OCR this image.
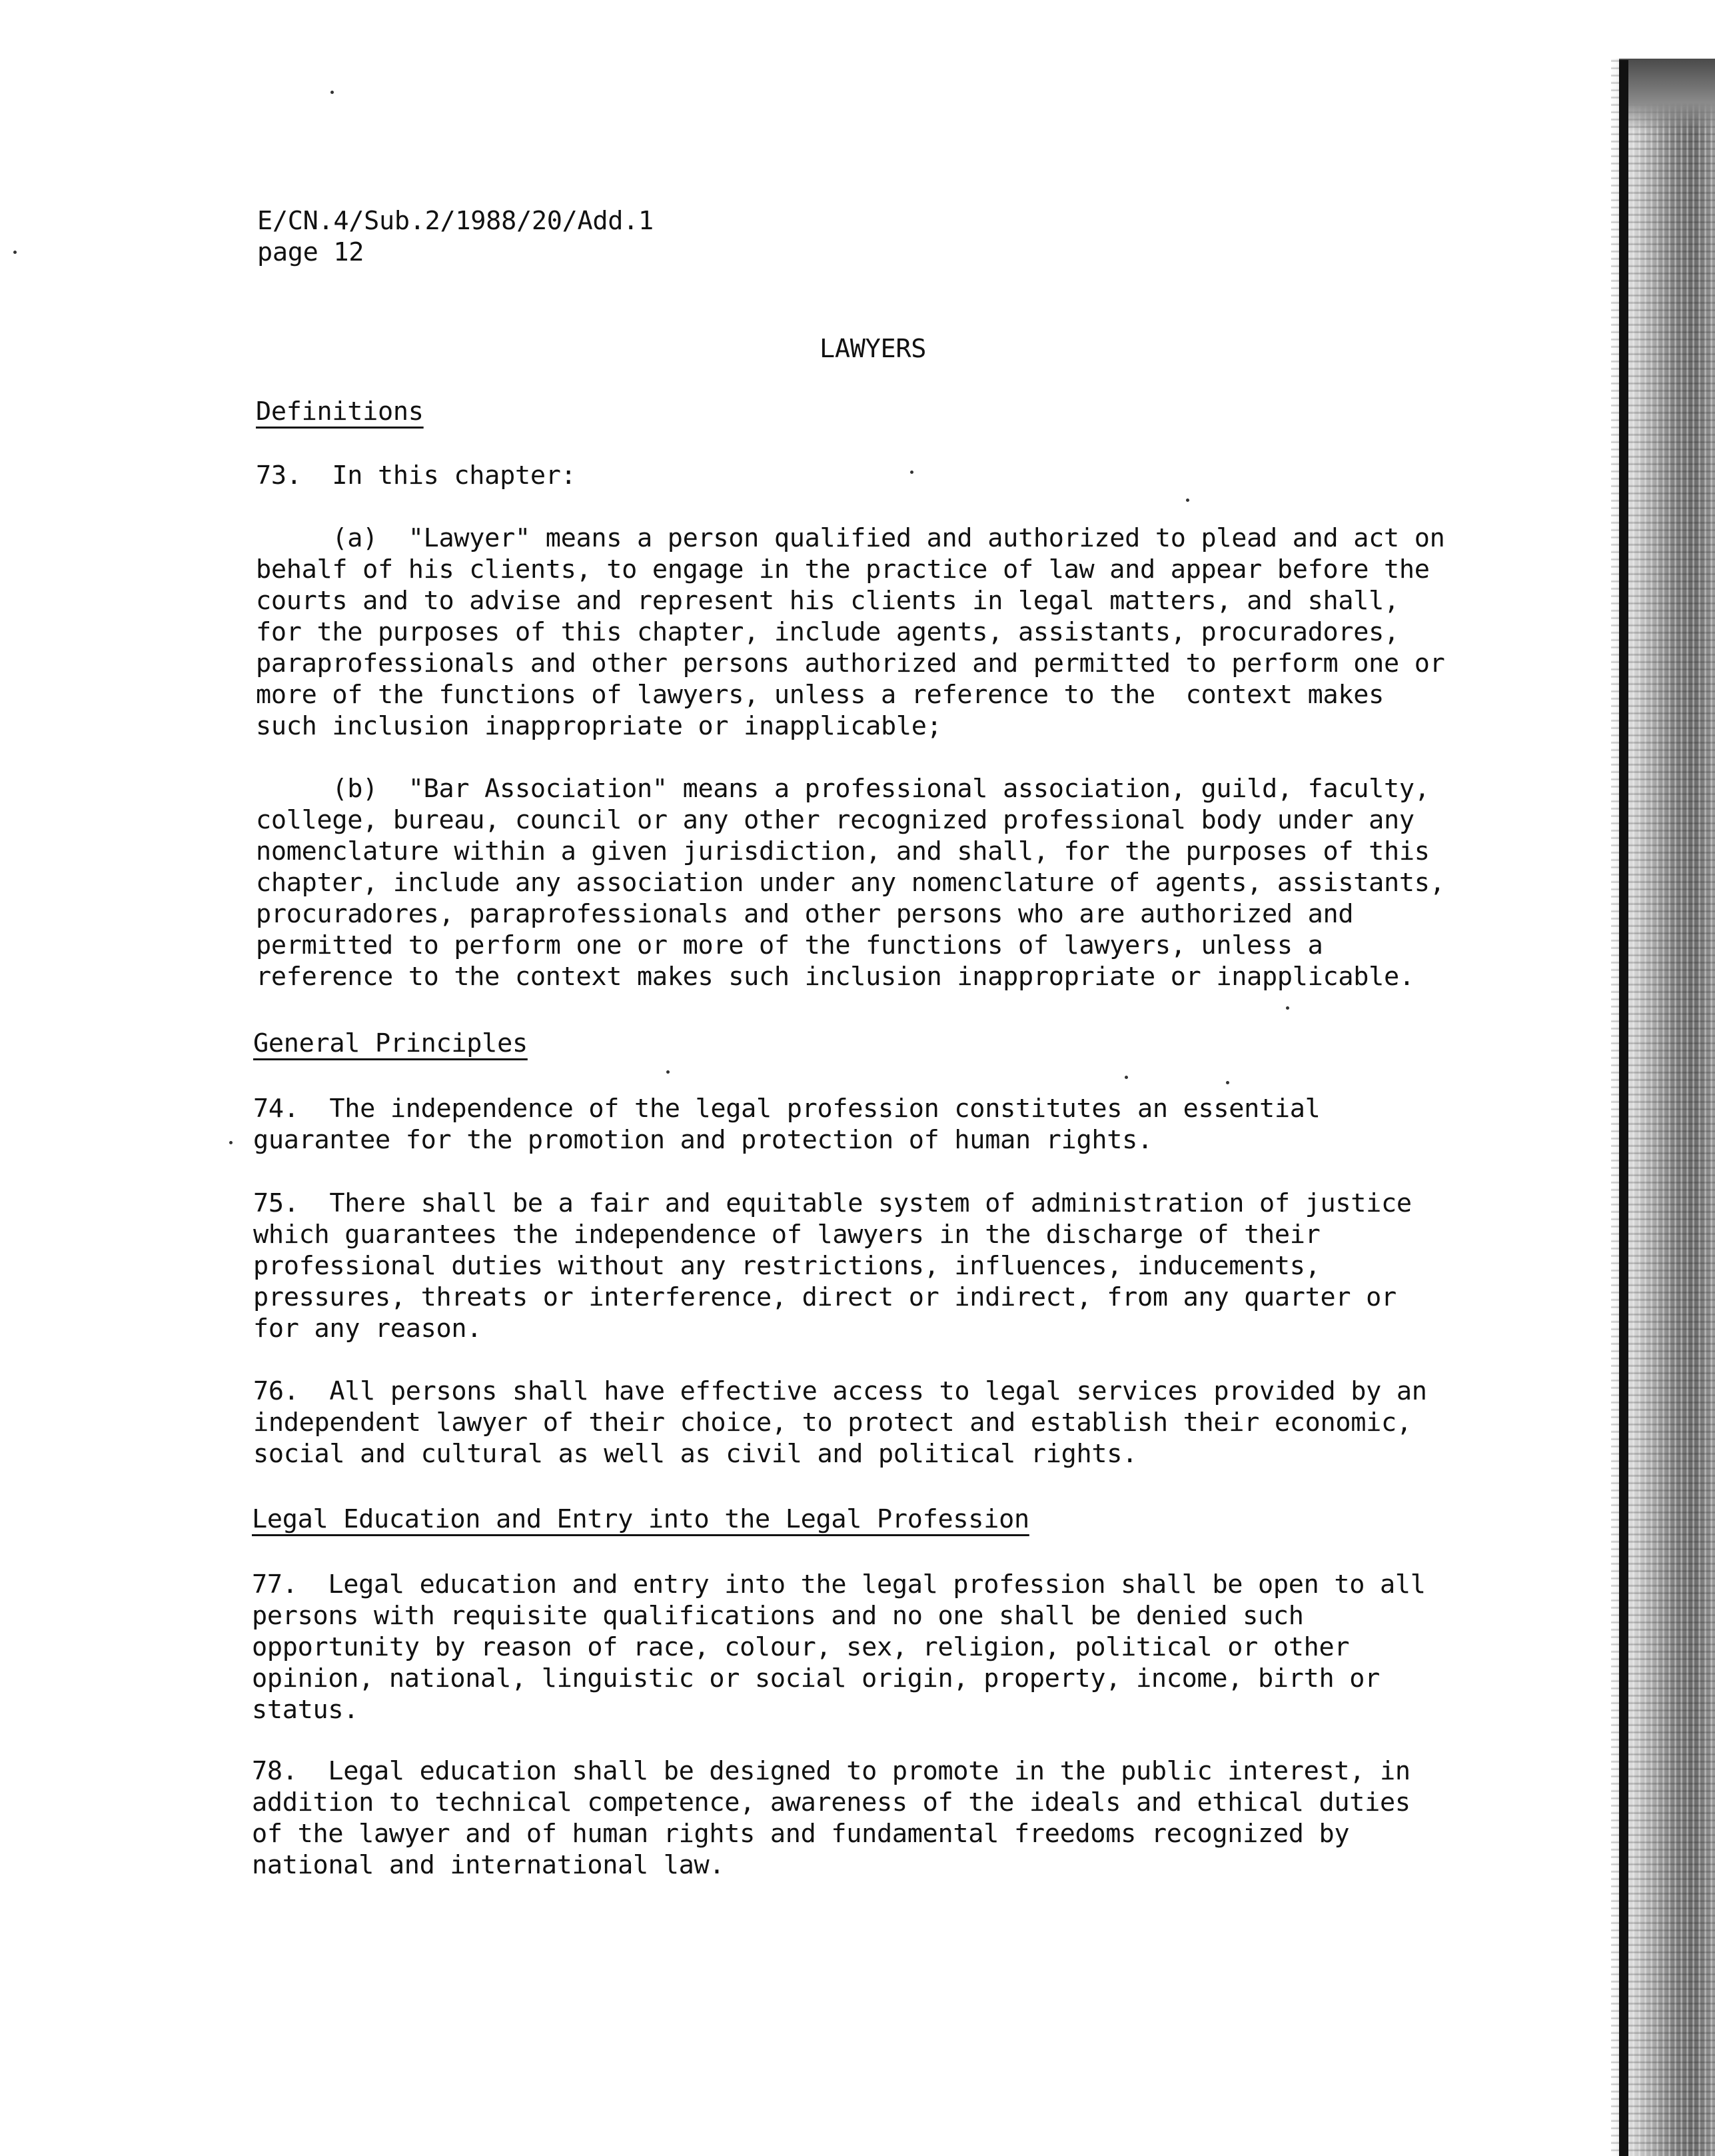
E/CN.4/Sub.2/1988/20/Add.1
page 12
LAWYERS
Definitions
73.  In this chapter:
(a)  "Lawyer" means a person qualified and authorized to plead and act on
behalf of his clients, to engage in the practice of law and appear before the
courts and to advise and represent his clients in legal matters, and shall,
for the purposes of this chapter, include agents, assistants, procuradores,
paraprofessionals and other persons authorized and permitted to perform one or
more of the functions of lawyers, unless a reference to the  context makes
such inclusion inappropriate or inapplicable;
(b)  "Bar Association" means a professional association, guild, faculty,
college, bureau, council or any other recognized professional body under any
nomenclature within a given jurisdiction, and shall, for the purposes of this
chapter, include any association under any nomenclature of agents, assistants,
procuradores, paraprofessionals and other persons who are authorized and
permitted to perform one or more of the functions of lawyers, unless a
reference to the context makes such inclusion inappropriate or inapplicable.
General Principles
74.  The independence of the legal profession constitutes an essential
guarantee for the promotion and protection of human rights.
75.  There shall be a fair and equitable system of administration of justice
which guarantees the independence of lawyers in the discharge of their
professional duties without any restrictions, influences, inducements,
pressures, threats or interference, direct or indirect, from any quarter or
for any reason.
76.  All persons shall have effective access to legal services provided by an
independent lawyer of their choice, to protect and establish their economic,
social and cultural as well as civil and political rights.
Legal Education and Entry into the Legal Profession
77.  Legal education and entry into the legal profession shall be open to all
persons with requisite qualifications and no one shall be denied such
opportunity by reason of race, colour, sex, religion, political or other
opinion, national, linguistic or social origin, property, income, birth or
status.
78.  Legal education shall be designed to promote in the public interest, in
addition to technical competence, awareness of the ideals and ethical duties
of the lawyer and of human rights and fundamental freedoms recognized by
national and international law.
